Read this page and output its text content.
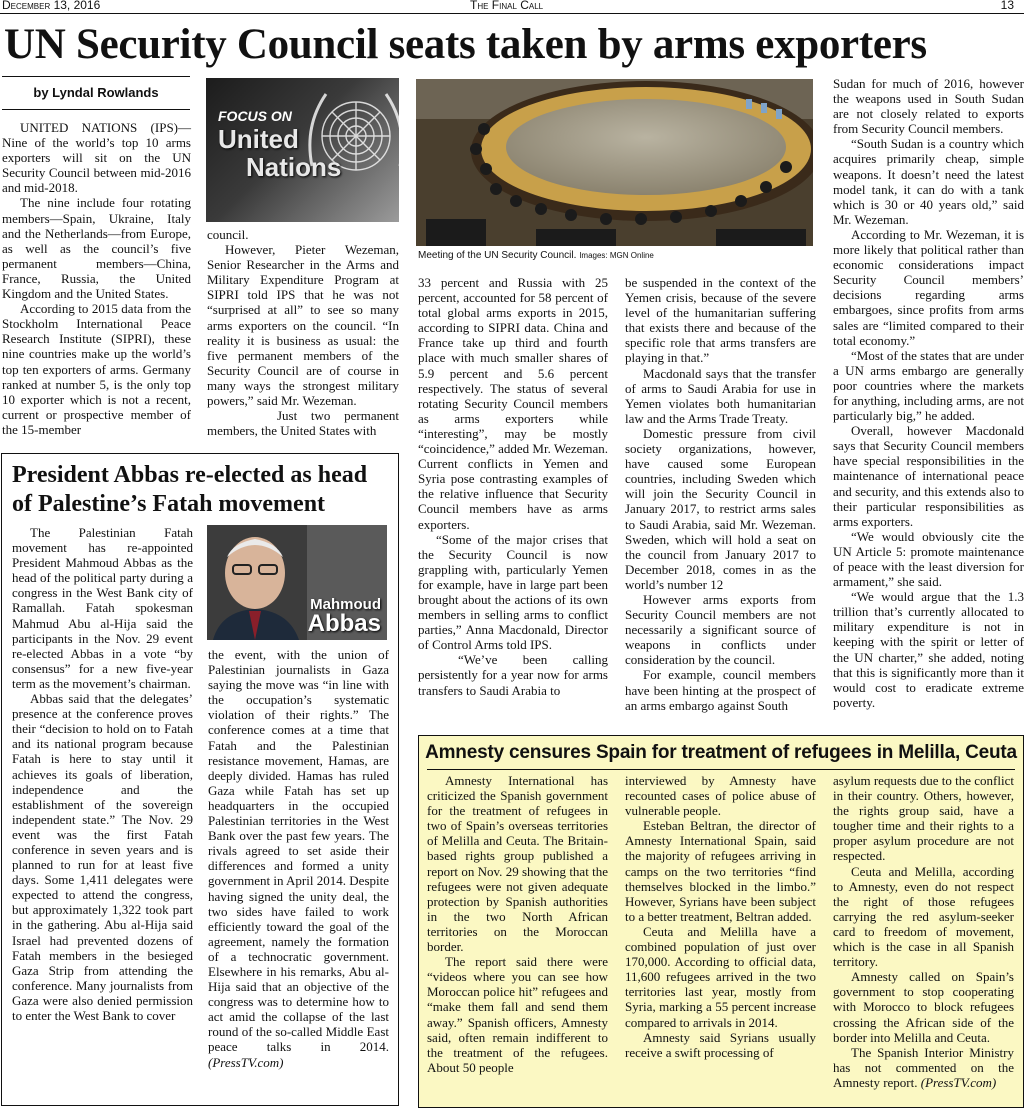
December 13, 2016	The Final Call	13
UN Security Council seats taken by arms exporters
by Lyndal Rowlands

UNITED NATIONS (IPS)—Nine of the world’s top 10 arms exporters will sit on the UN Security Council between mid-2016 and mid-2018.

The nine include four rotating members—Spain, Ukraine, Italy and the Netherlands—from Europe, as well as the council’s five permanent members—China, France, Russia, the United Kingdom and the United States.

According to 2015 data from the Stockholm International Peace Research Institute (SIPRI), these nine countries make up the world’s top ten exporters of arms. Germany ranked at number 5, is the only top 10 exporter which is not a recent, current or prospective member of the 15-member

FOCUS ON
United
Nations

council.

However, Pieter Wezeman, Senior Researcher in the Arms and Military Expenditure Program at SIPRI told IPS that he was not “surprised at all” to see so many arms exporters on the council. “In reality it is business as usual: the five permanent members of the Security Council are of course in many ways the strongest military powers,” said Mr. Wezeman.

Just two permanent members, the United States with

Meeting of the UN Security Council. Images: MGN Online

33 percent and Russia with 25 percent, accounted for 58 percent of total global arms exports in 2015, according to SIPRI data. China and France take up third and fourth place with much smaller shares of 5.9 percent and 5.6 percent respectively. The status of several rotating Security Council members as arms exporters while “interesting”, may be mostly “coincidence,” added Mr. Wezeman. Current conflicts in Yemen and Syria pose contrasting examples of the relative influence that Security Council members have as arms exporters.

“Some of the major crises that the Security Council is now grappling with, particularly Yemen for example, have in large part been brought about the actions of its own members in selling arms to conflict parties,” Anna Macdonald, Director of Control Arms told IPS.

“We’ve been calling persistently for a year now for arms transfers to Saudi Arabia to

be suspended in the context of the Yemen crisis, because of the severe level of the humanitarian suffering that exists there and because of the specific role that arms transfers are playing in that.”

Macdonald says that the transfer of arms to Saudi Arabia for use in Yemen violates both humanitarian law and the Arms Trade Treaty.

Domestic pressure from civil society organizations, however, have caused some European countries, including Sweden which will join the Security Council in January 2017, to restrict arms sales to Saudi Arabia, said Mr. Wezeman. Sweden, which will hold a seat on the council from January 2017 to December 2018, comes in as the world’s number 12

However arms exports from Security Council members are not necessarily a significant source of weapons in conflicts under consideration by the council.

For example, council members have been hinting at the prospect of an arms embargo against South

Sudan for much of 2016, however the weapons used in South Sudan are not closely related to exports from Security Council members.

“South Sudan is a country which acquires primarily cheap, simple weapons. It doesn’t need the latest model tank, it can do with a tank which is 30 or 40 years old,” said Mr. Wezeman.

According to Mr. Wezeman, it is more likely that political rather than economic considerations impact Security Council members’ decisions regarding arms embargoes, since profits from arms sales are “limited compared to their total economy.”

“Most of the states that are under a UN arms embargo are generally poor countries where the markets for anything, including arms, are not particularly big,” he added.

Overall, however Macdonald says that Security Council members have special responsibilities in the maintenance of international peace and security, and this extends also to their particular responsibilities as arms exporters.

“We would obviously cite the UN Article 5: promote maintenance of peace with the least diversion for armament,” she said.

“We would argue that the 1.3 trillion that’s currently allocated to military expenditure is not in keeping with the spirit or letter of the UN charter,” she added, noting that this is significantly more than it would cost to eradicate extreme poverty.

President Abbas re-elected as head of Palestine’s Fatah movement

The Palestinian Fatah movement has re-appointed President Mahmoud Abbas as the head of the political party during a congress in the West Bank city of Ramallah. Fatah spokesman Mahmud Abu al-Hija said the participants in the Nov. 29 event re-elected Abbas in a vote “by consensus” for a new five-year term as the movement’s chairman.

Abbas said that the delegates’ presence at the conference proves their “decision to hold on to Fatah and its national program because Fatah is here to stay until it achieves its goals of liberation, independence and the establishment of the sovereign independent state.” The Nov. 29 event was the first Fatah conference in seven years and is planned to run for at least five days. Some 1,411 delegates were expected to attend the congress, but approximately 1,322 took part in the gathering. Abu al-Hija said Israel had prevented dozens of Fatah members in the besieged Gaza Strip from attending the conference. Many journalists from Gaza were also denied permission to enter the West Bank to cover

Mahmoud
Abbas

the event, with the union of Palestinian journalists in Gaza saying the move was “in line with the occupation’s systematic violation of their rights.” The conference comes at a time that Fatah and the Palestinian resistance movement, Hamas, are deeply divided. Hamas has ruled Gaza while Fatah has set up headquarters in the occupied Palestinian territories in the West Bank over the past few years. The rivals agreed to set aside their differences and formed a unity government in April 2014. Despite having signed the unity deal, the two sides have failed to work efficiently toward the goal of the agreement, namely the formation of a technocratic government. Elsewhere in his remarks, Abu al-Hija said that an objective of the congress was to determine how to act amid the collapse of the last round of the so-called Middle East peace talks in 2014. (PressTV.com)

Amnesty censures Spain for treatment of refugees in Melilla, Ceuta

Amnesty International has criticized the Spanish government for the treatment of refugees in two of Spain’s overseas territories of Melilla and Ceuta. The Britain-based rights group published a report on Nov. 29 showing that the refugees were not given adequate protection by Spanish authorities in the two North African territories on the Moroccan border.

The report said there were “videos where you can see how Moroccan police hit” refugees and “make them fall and send them away.” Spanish officers, Amnesty said, often remain indifferent to the treatment of the refugees. About 50 people

interviewed by Amnesty have recounted cases of police abuse of vulnerable people.

Esteban Beltran, the director of Amnesty International Spain, said the majority of refugees arriving in camps on the two territories “find themselves blocked in the limbo.” However, Syrians have been subject to a better treatment, Beltran added.

Ceuta and Melilla have a combined population of just over 170,000. According to official data, 11,600 refugees arrived in the two territories last year, mostly from Syria, marking a 55 percent increase compared to arrivals in 2014.

Amnesty said Syrians usually receive a swift processing of

asylum requests due to the conflict in their country. Others, however, the rights group said, have a tougher time and their rights to a proper asylum procedure are not respected.

Ceuta and Melilla, according to Amnesty, even do not respect the right of those refugees carrying the red asylum-seeker card to freedom of movement, which is the case in all Spanish territory.

Amnesty called on Spain’s government to stop cooperating with Morocco to block refugees crossing the African side of the border into Melilla and Ceuta.

The Spanish Interior Ministry has not commented on the Amnesty report. (PressTV.com)
